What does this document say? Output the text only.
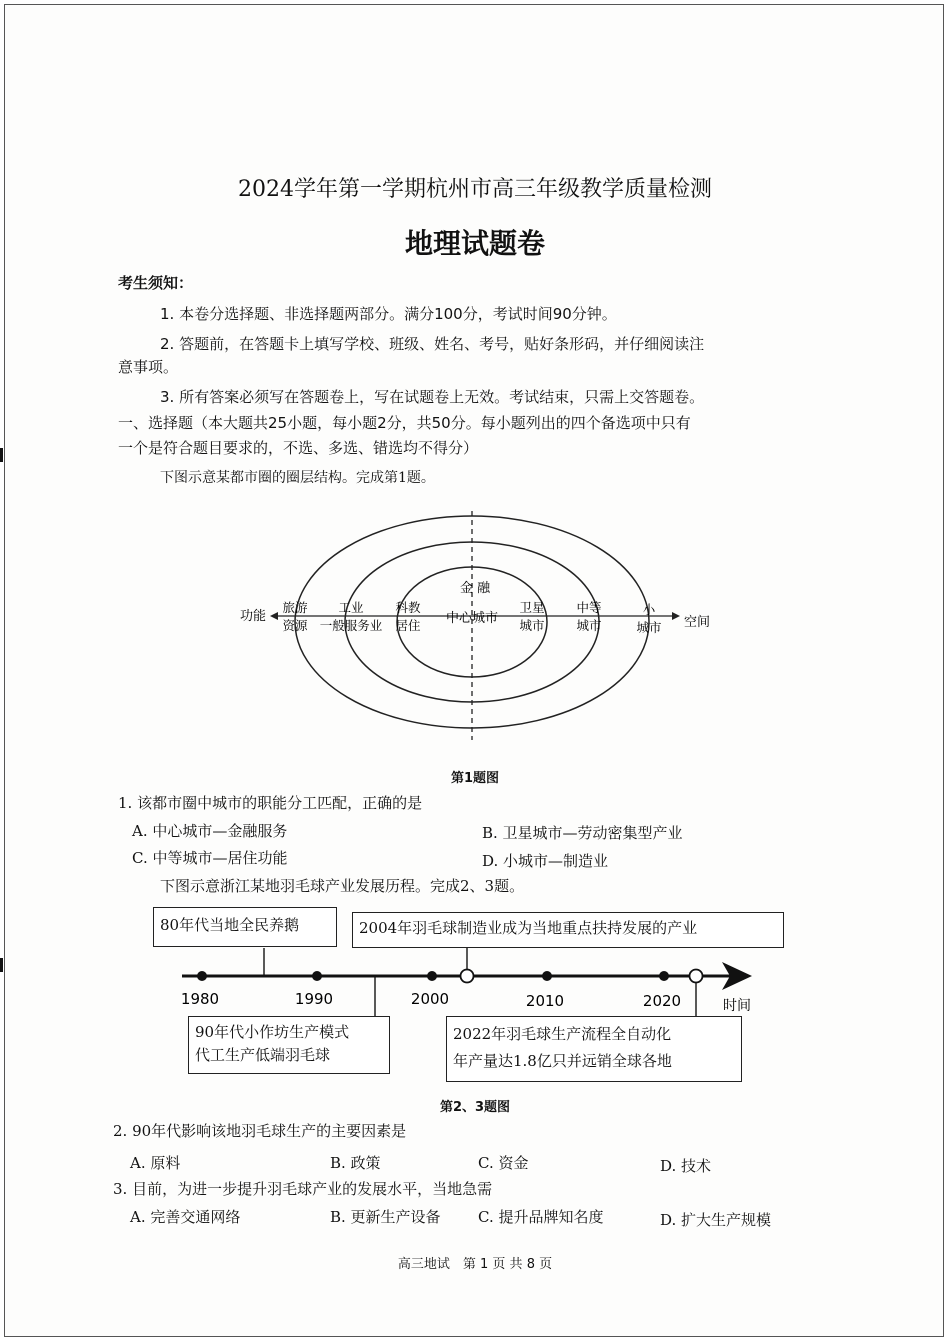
2024学年第一学期杭州市高三年级教学质量检测
地理试题卷
考生须知：
1. 本卷分选择题、非选择题两部分。满分100分，考试时间90分钟。
2. 答题前，在答题卡上填写学校、班级、姓名、考号，贴好条形码，并仔细阅读注
意事项。
3. 所有答案必须写在答题卷上，写在试题卷上无效。考试结束，只需上交答题卷。
一、选择题（本大题共25小题，每小题2分，共50分。每小题列出的四个备选项中只有
一个是符合题目要求的，不选、多选、错选均不得分）
下图示意某都市圈的圈层结构。完成第1题。
金 融
中心城市
功能	空间
旅游
资源
工业
一般服务业
科教
居住
卫星
城市
中等
城市
小
城市
第1题图
1. 该都市圈中城市的职能分工匹配，正确的是
A. 中心城市—金融服务	B. 卫星城市—劳动密集型产业
C. 中等城市—居住功能	D. 小城市—制造业
下图示意浙江某地羽毛球产业发展历程。完成2、3题。
1980	1990	2000	2010	2020	时间
80年代当地全民养鹅	2004年羽毛球制造业成为当地重点扶持发展的产业
90年代小作坊生产模式
代工生产低端羽毛球
2022年羽毛球生产流程全自动化
年产量达1.8亿只并远销全球各地
第2、3题图
2. 90年代影响该地羽毛球生产的主要因素是
A. 原料	B. 政策	C. 资金	D. 技术
3. 目前，为进一步提升羽毛球产业的发展水平，当地急需
A. 完善交通网络	B. 更新生产设备 C. 提升品牌知名度	D. 扩大生产规模
高三地试　第 1 页 共 8 页
